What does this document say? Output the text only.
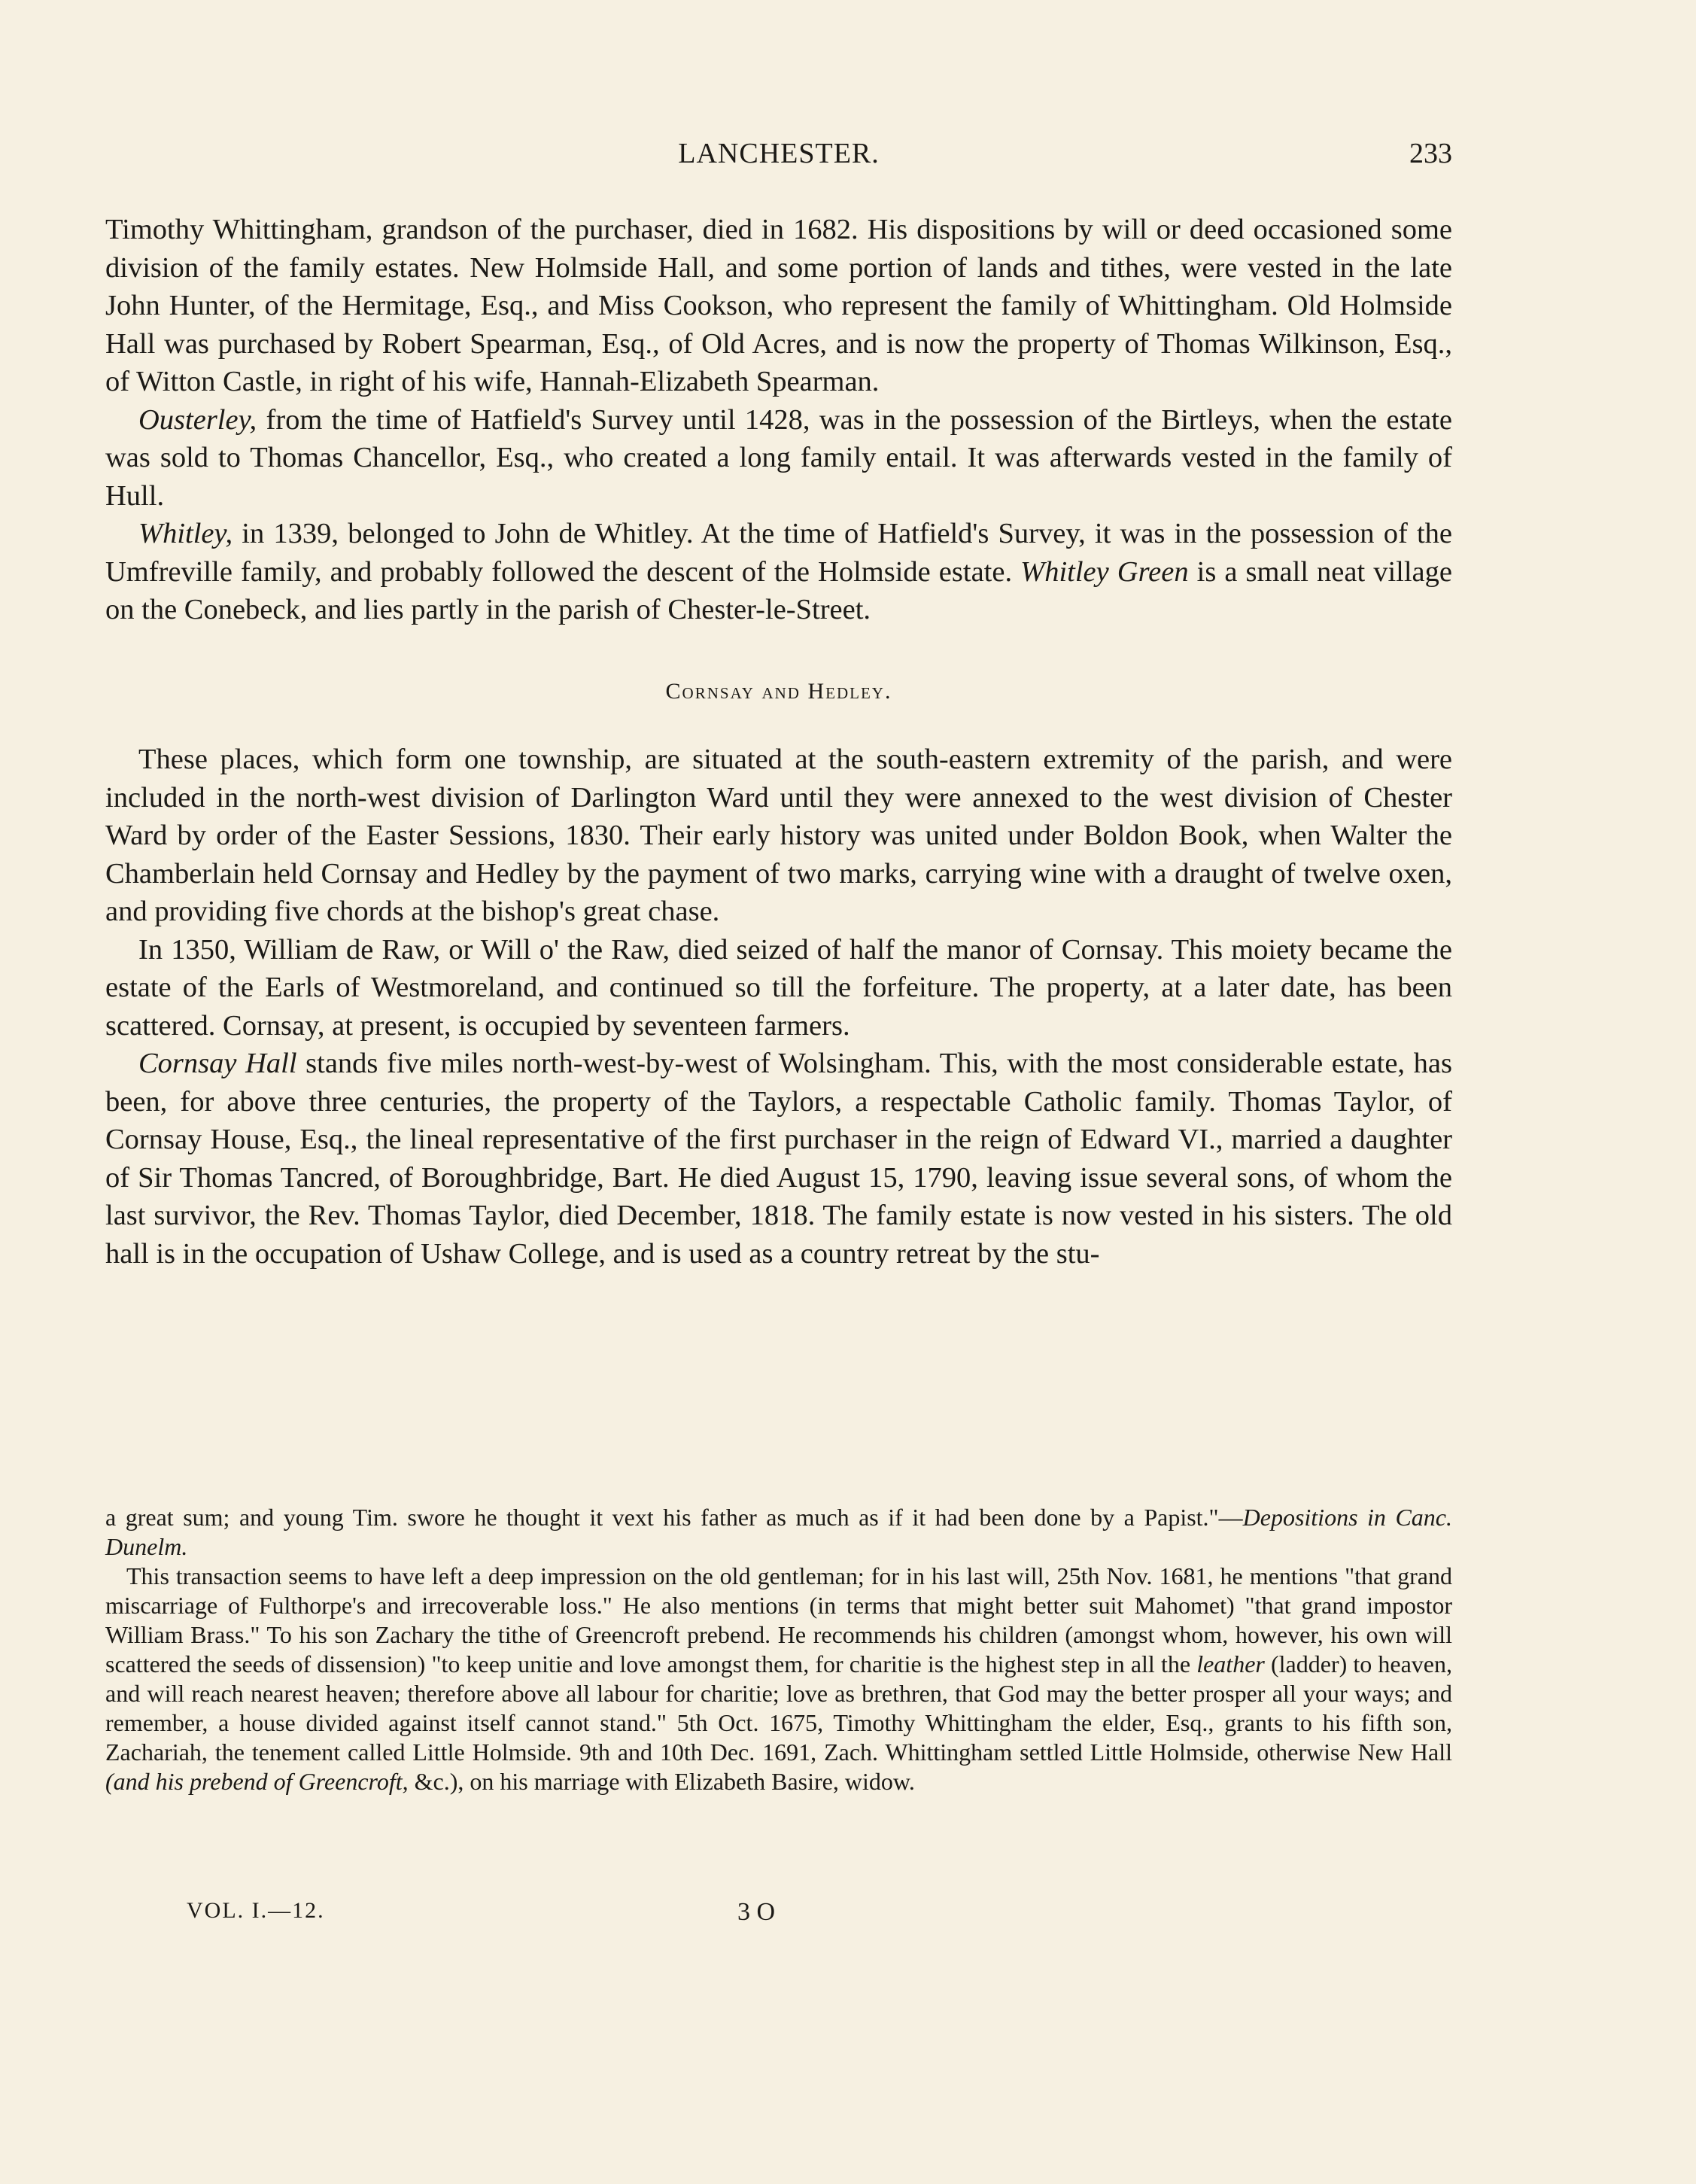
LANCHESTER.	233

Timothy Whittingham, grandson of the purchaser, died in 1682. His dispositions by will or deed occasioned some division of the family estates. New Holmside Hall, and some portion of lands and tithes, were vested in the late John Hunter, of the Hermitage, Esq., and Miss Cookson, who represent the family of Whittingham. Old Holmside Hall was purchased by Robert Spearman, Esq., of Old Acres, and is now the property of Thomas Wilkinson, Esq., of Witton Castle, in right of his wife, Hannah-Elizabeth Spearman.

Ousterley, from the time of Hatfield's Survey until 1428, was in the possession of the Birtleys, when the estate was sold to Thomas Chancellor, Esq., who created a long family entail. It was afterwards vested in the family of Hull.

Whitley, in 1339, belonged to John de Whitley. At the time of Hatfield's Survey, it was in the possession of the Umfreville family, and probably followed the descent of the Holmside estate. Whitley Green is a small neat village on the Conebeck, and lies partly in the parish of Chester-le-Street.

Cornsay and Hedley.

These places, which form one township, are situated at the south-eastern extremity of the parish, and were included in the north-west division of Darlington Ward until they were annexed to the west division of Chester Ward by order of the Easter Sessions, 1830. Their early history was united under Boldon Book, when Walter the Chamberlain held Cornsay and Hedley by the payment of two marks, carrying wine with a draught of twelve oxen, and providing five chords at the bishop's great chase.

In 1350, William de Raw, or Will o' the Raw, died seized of half the manor of Cornsay. This moiety became the estate of the Earls of Westmoreland, and continued so till the forfeiture. The property, at a later date, has been scattered. Cornsay, at present, is occupied by seventeen farmers.

Cornsay Hall stands five miles north-west-by-west of Wolsingham. This, with the most considerable estate, has been, for above three centuries, the property of the Taylors, a respectable Catholic family. Thomas Taylor, of Cornsay House, Esq., the lineal representative of the first purchaser in the reign of Edward VI., married a daughter of Sir Thomas Tancred, of Boroughbridge, Bart. He died August 15, 1790, leaving issue several sons, of whom the last survivor, the Rev. Thomas Taylor, died December, 1818. The family estate is now vested in his sisters. The old hall is in the occupation of Ushaw College, and is used as a country retreat by the stu-

a great sum; and young Tim. swore he thought it vext his father as much as if it had been done by a Papist."—Depositions in Canc. Dunelm.

This transaction seems to have left a deep impression on the old gentleman; for in his last will, 25th Nov. 1681, he mentions "that grand miscarriage of Fulthorpe's and irrecoverable loss." He also mentions (in terms that might better suit Mahomet) "that grand impostor William Brass." To his son Zachary the tithe of Greencroft prebend. He recommends his children (amongst whom, however, his own will scattered the seeds of dissension) "to keep unitie and love amongst them, for charitie is the highest step in all the leather (ladder) to heaven, and will reach nearest heaven; therefore above all labour for charitie; love as brethren, that God may the better prosper all your ways; and remember, a house divided against itself cannot stand." 5th Oct. 1675, Timothy Whittingham the elder, Esq., grants to his fifth son, Zachariah, the tenement called Little Holmside. 9th and 10th Dec. 1691, Zach. Whittingham settled Little Holmside, otherwise New Hall (and his prebend of Greencroft, &c.), on his marriage with Elizabeth Basire, widow.

VOL. I.—12.	3 O
